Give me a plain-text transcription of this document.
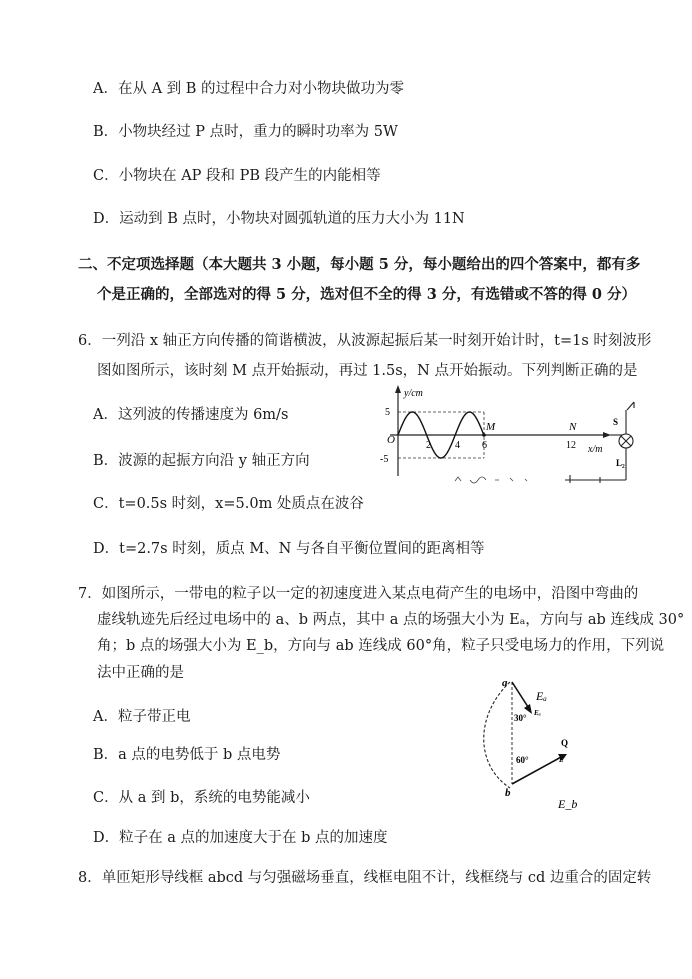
A．在从 A 到 B 的过程中合力对小物块做功为零
B．小物块经过 P 点时，重力的瞬时功率为 5W
C．小物块在 AP 段和 PB 段产生的内能相等
D．运动到 B 点时，小物块对圆弧轨道的压力大小为 11N
二、不定项选择题（本大题共 3 小题，每小题 5 分，每小题给出的四个答案中，都有多
个是正确的，全部选对的得 5 分，选对但不全的得 3 分，有选错或不答的得 0 分）
6．一列沿 x 轴正方向传播的简谐横波，从波源起振后某一时刻开始计时，t=1s 时刻波形
图如图所示，该时刻 M 点开始振动，再过 1.5s，N 点开始振动。下列判断正确的是
A．这列波的传播速度为 6m/s
B．波源的起振方向沿 y 轴正方向
C．t=0.5s 时刻，x=5.0m 处质点在波谷
D．t=2.7s 时刻，质点 M、N 与各自平衡位置间的距离相等
y/cm
x/m
O
5
-5
2 4 6	12
M	N	S
L₂
7．如图所示，一带电的粒子以一定的初速度进入某点电荷产生的电场中，沿图中弯曲的
虚线轨迹先后经过电场中的 a、b 两点，其中 a 点的场强大小为 Eₐ，方向与 ab 连线成 30°
角；b 点的场强大小为 E_b，方向与 ab 连线成 60°角，粒子只受电场力的作用，下列说
法中正确的是
A．粒子带正电
B．a 点的电势低于 b 点电势
C．从 a 到 b，系统的电势能减小
D．粒子在 a 点的加速度大于在 b 点的加速度
a
b
30°
60°
Eₐ
Eₐ
Q
E
E_b
8．单匝矩形导线框 abcd 与匀强磁场垂直，线框电阻不计，线框绕与 cd 边重合的固定转
